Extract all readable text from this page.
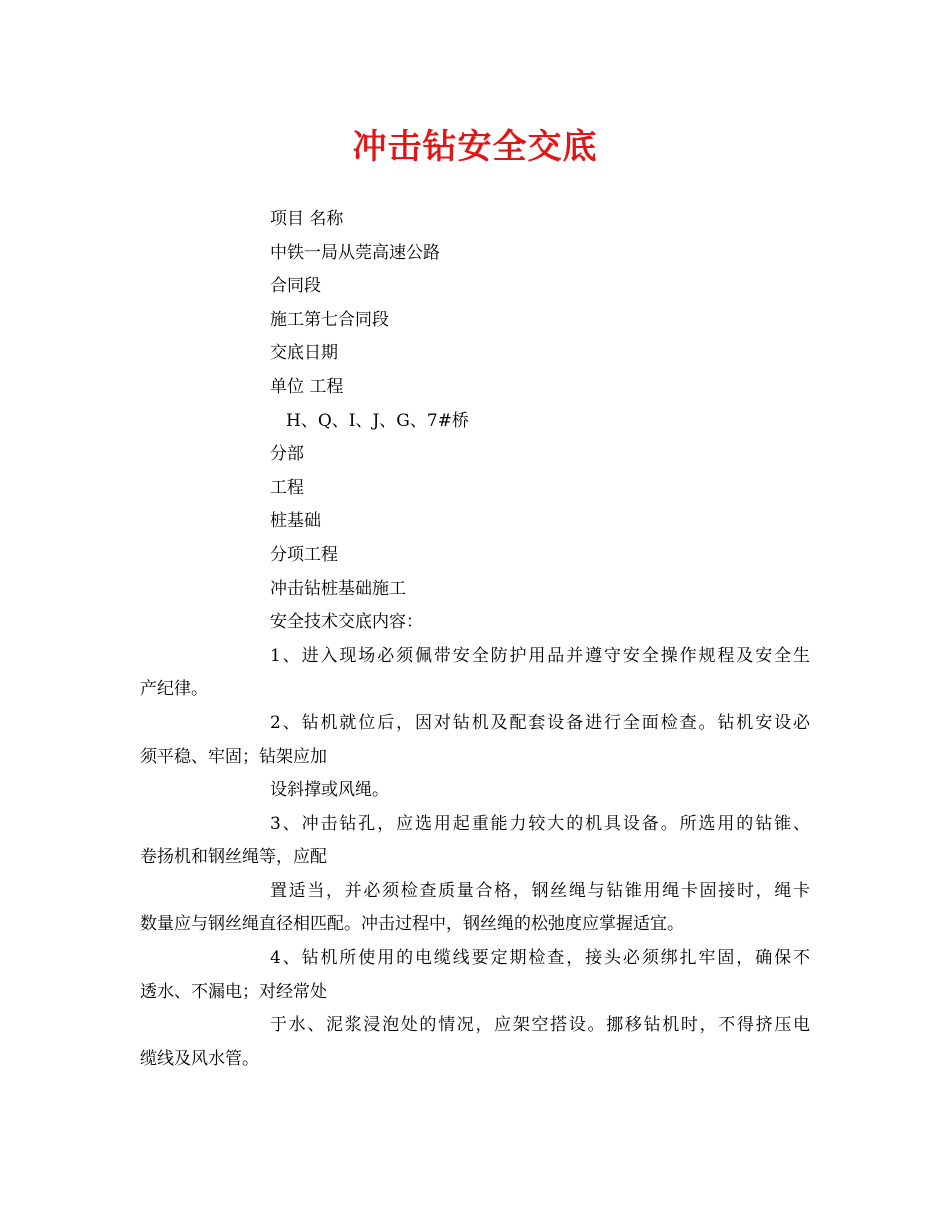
冲击钻安全交底
项目 名称
中铁一局从莞高速公路
合同段
施工第七合同段
交底日期
单位 工程
H、Q、I、J、G、7#桥
分部
工程
桩基础
分项工程
冲击钻桩基础施工
安全技术交底内容：
1、进入现场必须佩带安全防护用品并遵守安全操作规程及安全生
产纪律。
2、钻机就位后，因对钻机及配套设备进行全面检查。钻机安设必
须平稳、牢固；钻架应加
设斜撑或风绳。
3、冲击钻孔，应选用起重能力较大的机具设备。所选用的钻锥、
卷扬机和钢丝绳等，应配
置适当，并必须检查质量合格，钢丝绳与钻锥用绳卡固接时，绳卡
数量应与钢丝绳直径相匹配。冲击过程中，钢丝绳的松弛度应掌握适宜。
4、钻机所使用的电缆线要定期检查，接头必须绑扎牢固，确保不
透水、不漏电；对经常处
于水、泥浆浸泡处的情况，应架空搭设。挪移钻机时，不得挤压电
缆线及风水管。
